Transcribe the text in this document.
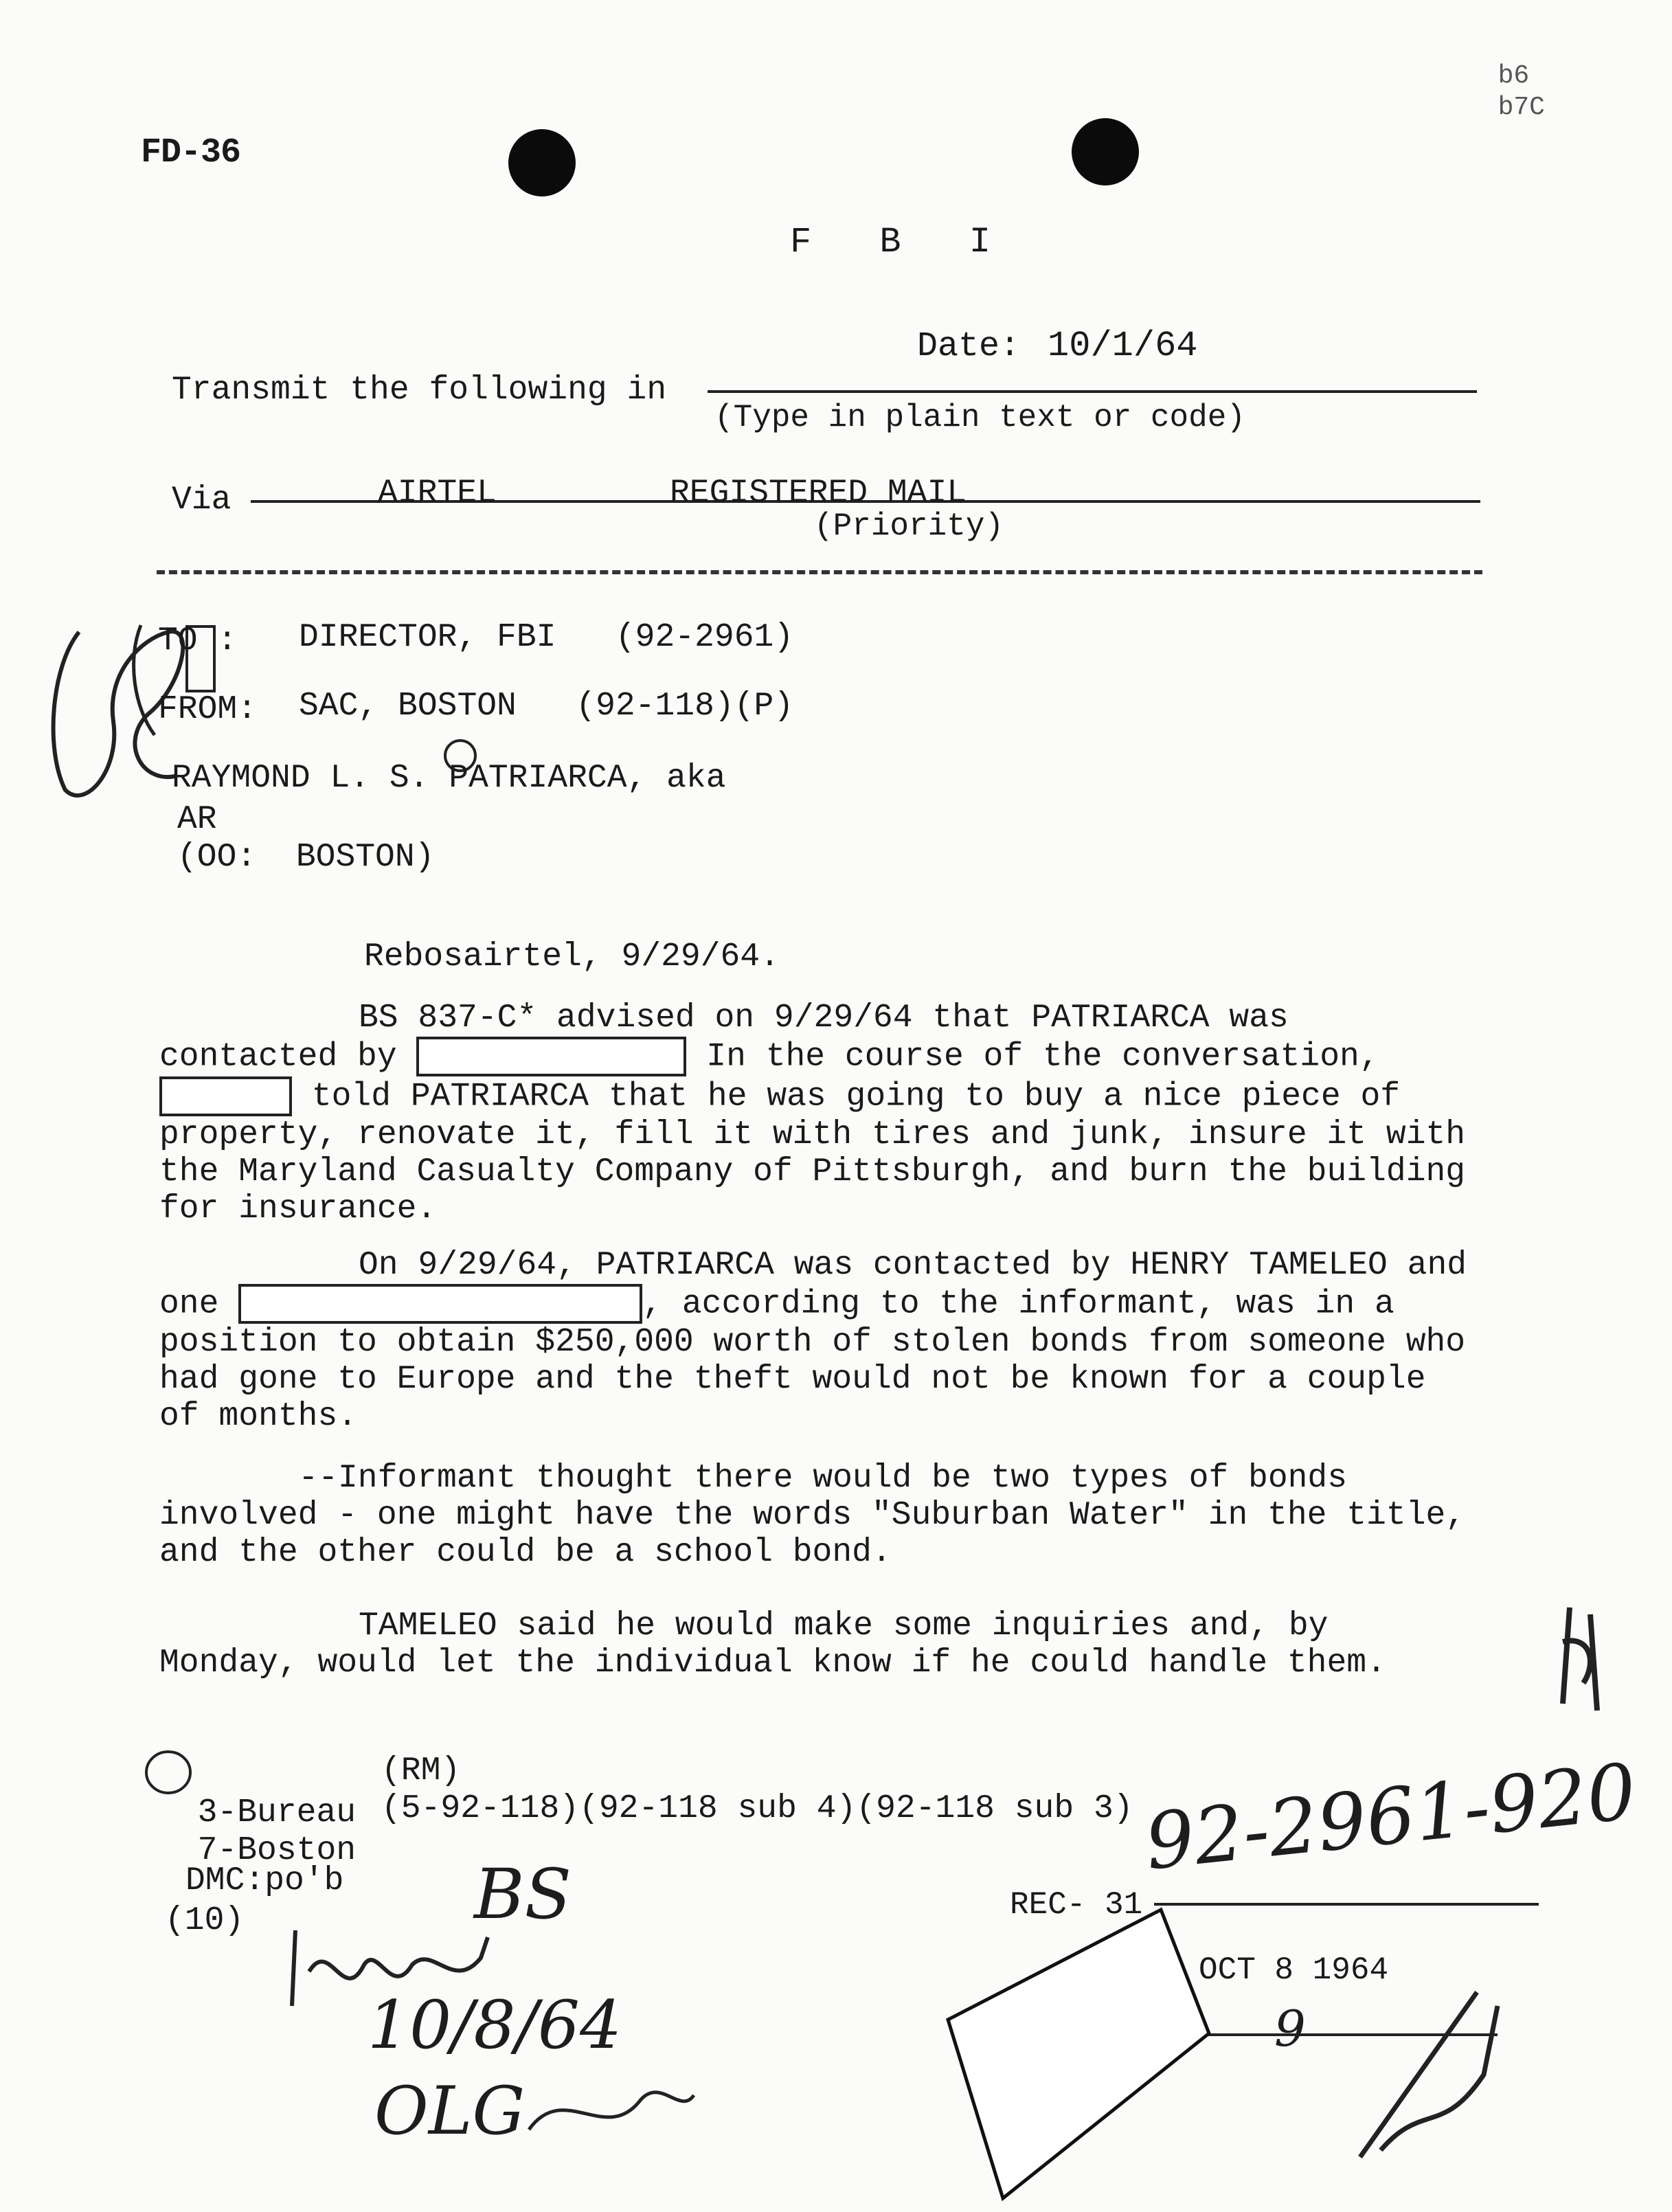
FD-36
b6
b7C
F B I

Date: 10/1/64

Transmit the following in
(Type in plain text or code)
Via	AIRTEL	REGISTERED MAIL
(Priority)
TO : DIRECTOR, FBI   (92-2961)
FROM: SAC, BOSTON   (92-118)(P)
RAYMOND L. S. PATRIARCA, aka
AR
(OO:  BOSTON)
Rebosairtel, 9/29/64.
BS 837-C* advised on 9/29/64 that PATRIARCA was contacted by	In the course of the conversation,  told PATRIARCA that he was going to buy a nice piece of property, renovate it, fill it with tires and junk, insure it with the Maryland Casualty Company of Pittsburgh, and burn the building for insurance.
On 9/29/64, PATRIARCA was contacted by HENRY TAMELEO and one	, according to the informant, was in a position to obtain $250,000 worth of stolen bonds from someone who had gone to Europe and the theft would not be known for a couple of months.
--Informant thought there would be two types of bonds involved - one might have the words "Suburban Water" in the title, and the other could be a school bond.
TAMELEO said he would make some inquiries and, by Monday, would let the individual know if he could handle them.

3-Bureau

(RM)

7-Boston

(5-92-118)(92-118 sub 4)(92-118 sub 3)
DMC:po'b
(10)
92-2961-920
REC- 31
OCT 8 1964
9
BS
10/8/64
OLG
